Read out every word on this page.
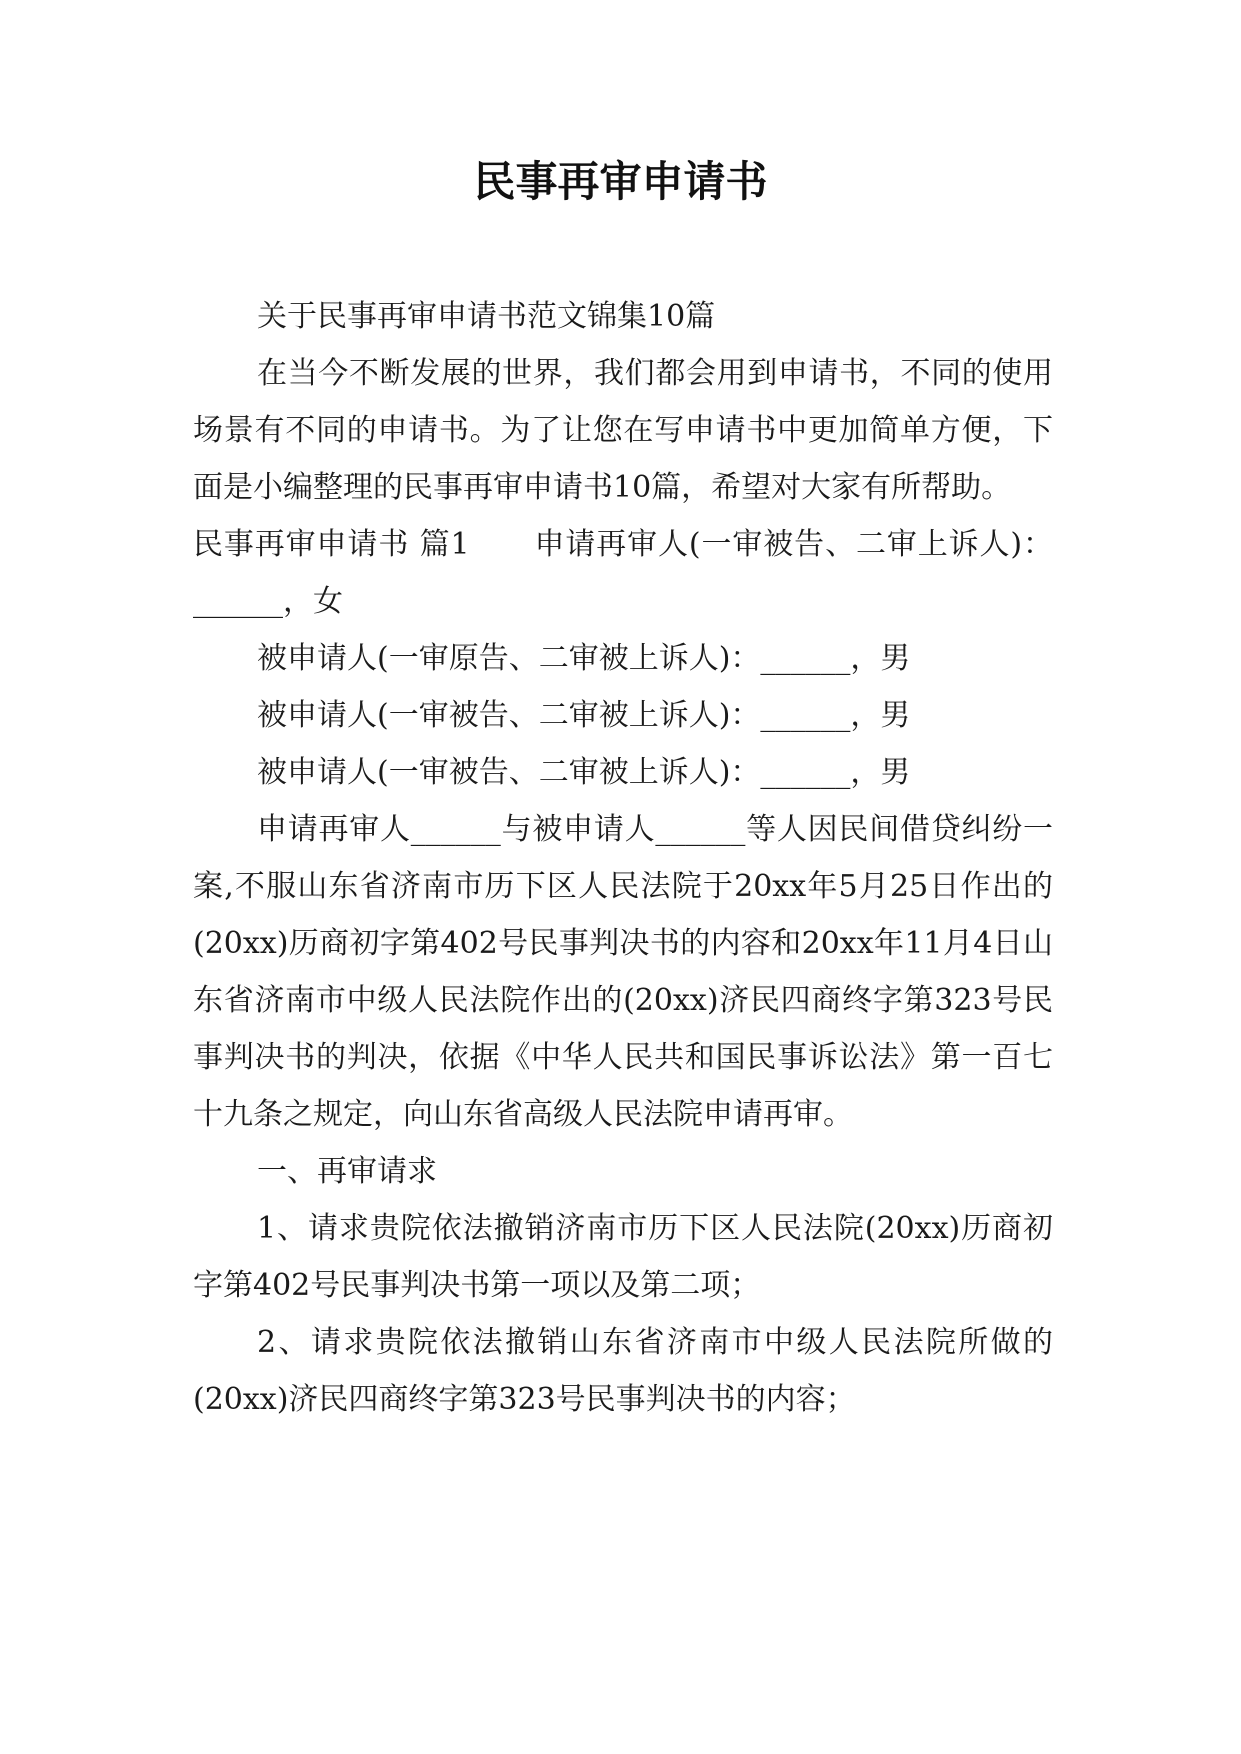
民事再审申请书

关于民事再审申请书范文锦集10篇

在当今不断发展的世界，我们都会用到申请书，不同的使用场景有不同的申请书。为了让您在写申请书中更加简单方便，下面是小编整理的民事再审申请书10篇，希望对大家有所帮助。

民事再审申请书 篇1 申请再审人(一审被告、二审上诉人)：______，女

被申请人(一审原告、二审被上诉人)：______，男

被申请人(一审被告、二审被上诉人)：______，男

被申请人(一审被告、二审被上诉人)：______，男

申请再审人______与被申请人______等人因民间借贷纠纷一案,不服山东省济南市历下区人民法院于20xx年5月25日作出的(20xx)历商初字第402号民事判决书的内容和20xx年11月4日山东省济南市中级人民法院作出的(20xx)济民四商终字第323号民事判决书的判决，依据《中华人民共和国民事诉讼法》第一百七十九条之规定，向山东省高级人民法院申请再审。

一、再审请求

1、请求贵院依法撤销济南市历下区人民法院(20xx)历商初字第402号民事判决书第一项以及第二项；

2、请求贵院依法撤销山东省济南市中级人民法院所做的(20xx)济民四商终字第323号民事判决书的内容；
